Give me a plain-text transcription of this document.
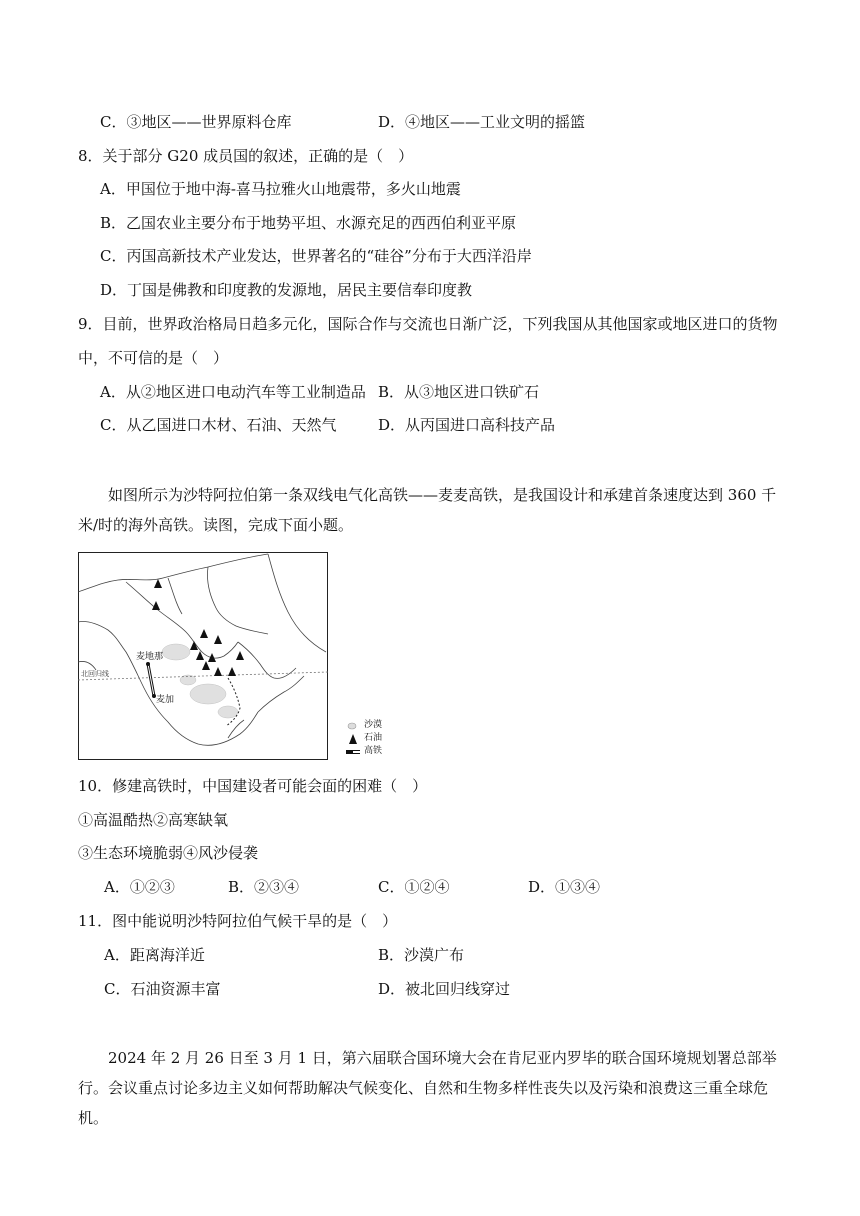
C．③地区——世界原料仓库	D．④地区——工业文明的摇篮
8．关于部分 G20 成员国的叙述，正确的是（　）
A．甲国位于地中海-喜马拉雅火山地震带，多火山地震
B．乙国农业主要分布于地势平坦、水源充足的西西伯利亚平原
C．丙国高新技术产业发达，世界著名的“硅谷”分布于大西洋沿岸
D．丁国是佛教和印度教的发源地，居民主要信奉印度教
9．目前，世界政治格局日趋多元化，国际合作与交流也日渐广泛，下列我国从其他国家或地区进口的货物
中，不可信的是（　）
A．从②地区进口电动汽车等工业制造品 B．从③地区进口铁矿石
C．从乙国进口木材、石油、天然气	D．从丙国进口高科技产品
如图所示为沙特阿拉伯第一条双线电气化高铁——麦麦高铁，是我国设计和承建首条速度达到 360 千米/时的海外高铁。读图，完成下面小题。
麦地那
麦加
北回归线
沙漠
石油
高铁
10．修建高铁时，中国建设者可能会面的困难（　）
①高温酷热②高寒缺氧
③生态环境脆弱④风沙侵袭
A．①②③	B．②③④	C．①②④	D．①③④
11．图中能说明沙特阿拉伯气候干旱的是（　）
A．距离海洋近	B．沙漠广布
C．石油资源丰富	D．被北回归线穿过
2024 年 2 月 26 日至 3 月 1 日，第六届联合国环境大会在肯尼亚内罗毕的联合国环境规划署总部举行。会议重点讨论多边主义如何帮助解决气候变化、自然和生物多样性丧失以及污染和浪费这三重全球危机。
